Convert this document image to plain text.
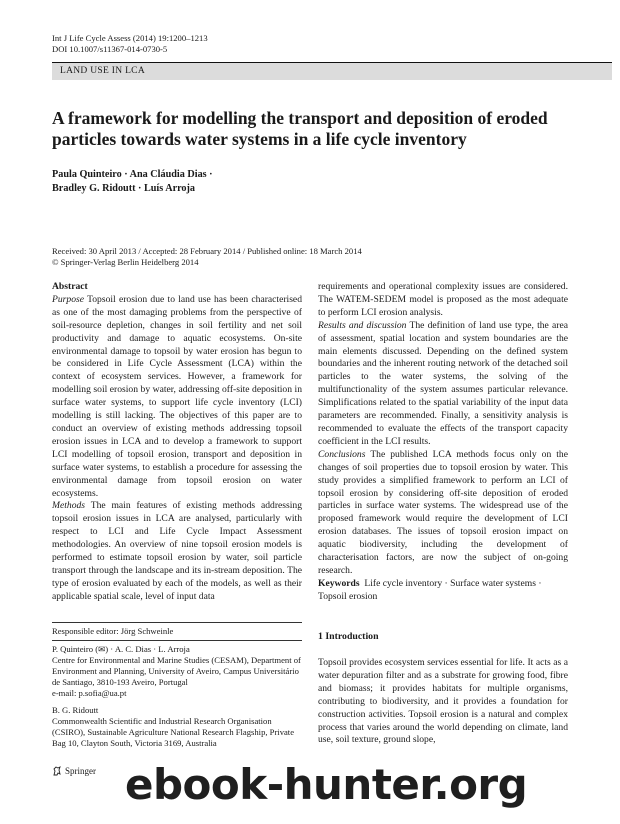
Int J Life Cycle Assess (2014) 19:1200–1213
DOI 10.1007/s11367-014-0730-5
LAND USE IN LCA
A framework for modelling the transport and deposition of eroded particles towards water systems in a life cycle inventory
Paula Quinteiro · Ana Cláudia Dias ·
Bradley G. Ridoutt · Luís Arroja
Received: 30 April 2013 / Accepted: 28 February 2014 / Published online: 18 March 2014
© Springer-Verlag Berlin Heidelberg 2014

Abstract

Purpose Topsoil erosion due to land use has been characterised as one of the most damaging problems from the perspective of soil-resource depletion, changes in soil fertility and net soil productivity and damage to aquatic ecosystems. On-site environmental damage to topsoil by water erosion has begun to be considered in Life Cycle Assessment (LCA) within the context of ecosystem services. However, a framework for modelling soil erosion by water, addressing off-site deposition in surface water systems, to support life cycle inventory (LCI) modelling is still lacking. The objectives of this paper are to conduct an overview of existing methods addressing topsoil erosion issues in LCA and to develop a framework to support LCI modelling of topsoil erosion, transport and deposition in surface water systems, to establish a procedure for assessing the environmental damage from topsoil erosion on water ecosystems.

Methods The main features of existing methods addressing topsoil erosion issues in LCA are analysed, particularly with respect to LCI and Life Cycle Impact Assessment methodologies. An overview of nine topsoil erosion models is performed to estimate topsoil erosion by water, soil particle transport through the landscape and its in-stream deposition. The type of erosion evaluated by each of the models, as well as their applicable spatial scale, level of input data

requirements and operational complexity issues are considered. The WATEM-SEDEM model is proposed as the most adequate to perform LCI erosion analysis.

Results and discussion The definition of land use type, the area of assessment, spatial location and system boundaries are the main elements discussed. Depending on the defined system boundaries and the inherent routing network of the detached soil particles to the water systems, the solving of the multifunctionality of the system assumes particular relevance. Simplifications related to the spatial variability of the input data parameters are recommended. Finally, a sensitivity analysis is recommended to evaluate the effects of the transport capacity coefficient in the LCI results.

Conclusions The published LCA methods focus only on the changes of soil properties due to topsoil erosion by water. This study provides a simplified framework to perform an LCI of topsoil erosion by considering off-site deposition of eroded particles in surface water systems. The widespread use of the proposed framework would require the development of LCI erosion databases. The issues of topsoil erosion impact on aquatic biodiversity, including the development of characterisation factors, are now the subject of on-going research.

Keywords Life cycle inventory · Surface water systems · Topsoil erosion
Responsible editor: Jörg Schweinle

P. Quinteiro (✉) · A. C. Dias · L. Arroja
Centre for Environmental and Marine Studies (CESAM), Department of Environment and Planning, University of Aveiro, Campus Universitário de Santiago, 3810-193 Aveiro, Portugal
e-mail: p.sofia@ua.pt

B. G. Ridoutt
Commonwealth Scientific and Industrial Research Organisation (CSIRO), Sustainable Agriculture National Research Flagship, Private Bag 10, Clayton South, Victoria 3169, Australia

1 Introduction
Topsoil provides ecosystem services essential for life. It acts as a water depuration filter and as a substrate for growing food, fibre and biomass; it provides habitats for multiple organisms, contributing to biodiversity, and it provides a foundation for construction activities. Topsoil erosion is a natural and complex process that varies around the world depending on climate, land use, soil texture, ground slope,
Springer ebook-hunter.org
